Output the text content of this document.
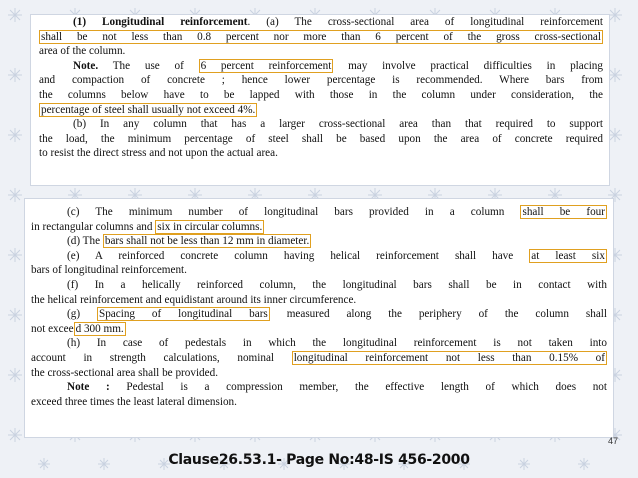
(1) Longitudinal reinforcement. (a) The cross-sectional area of longitudinal reinforcement
shall be not less than 0.8 percent nor more than 6 percent of the gross cross-sectional
area of the column.
Note. The use of 6 percent reinforcement may involve practical difficulties in placing
and compaction of concrete ; hence lower percentage is recommended. Where bars from
the columns below have to be lapped with those in the column under consideration, the
percentage of steel shall usually not exceed 4%.
(b) In any column that has a larger cross-sectional area than that required to support
the load, the minimum percentage of steel shall be based upon the area of concrete required
to resist the direct stress and not upon the actual area.
(c) The minimum number of longitudinal bars provided in a column shall be four
in rectangular columns and six in circular columns.
(d) The bars shall not be less than 12 mm in diameter.
(e) A reinforced concrete column having helical reinforcement shall have at least six
bars of longitudinal reinforcement.
(f) In a helically reinforced column, the longitudinal bars shall be in contact with
the helical reinforcement and equidistant around its inner circumference.
(g) Spacing of longitudinal bars measured along the periphery of the column shall
not excee d 300 mm.
(h) In case of pedestals in which the longitudinal reinforcement is not taken into
account in strength calculations, nominal longitudinal reinforcement not less than 0.15% of
the cross-sectional area shall be provided.
Note : Pedestal is a compression member, the effective length of which does not
exceed three times the least lateral dimension.
47
Clause26.53.1- Page No:48-IS 456-2000
